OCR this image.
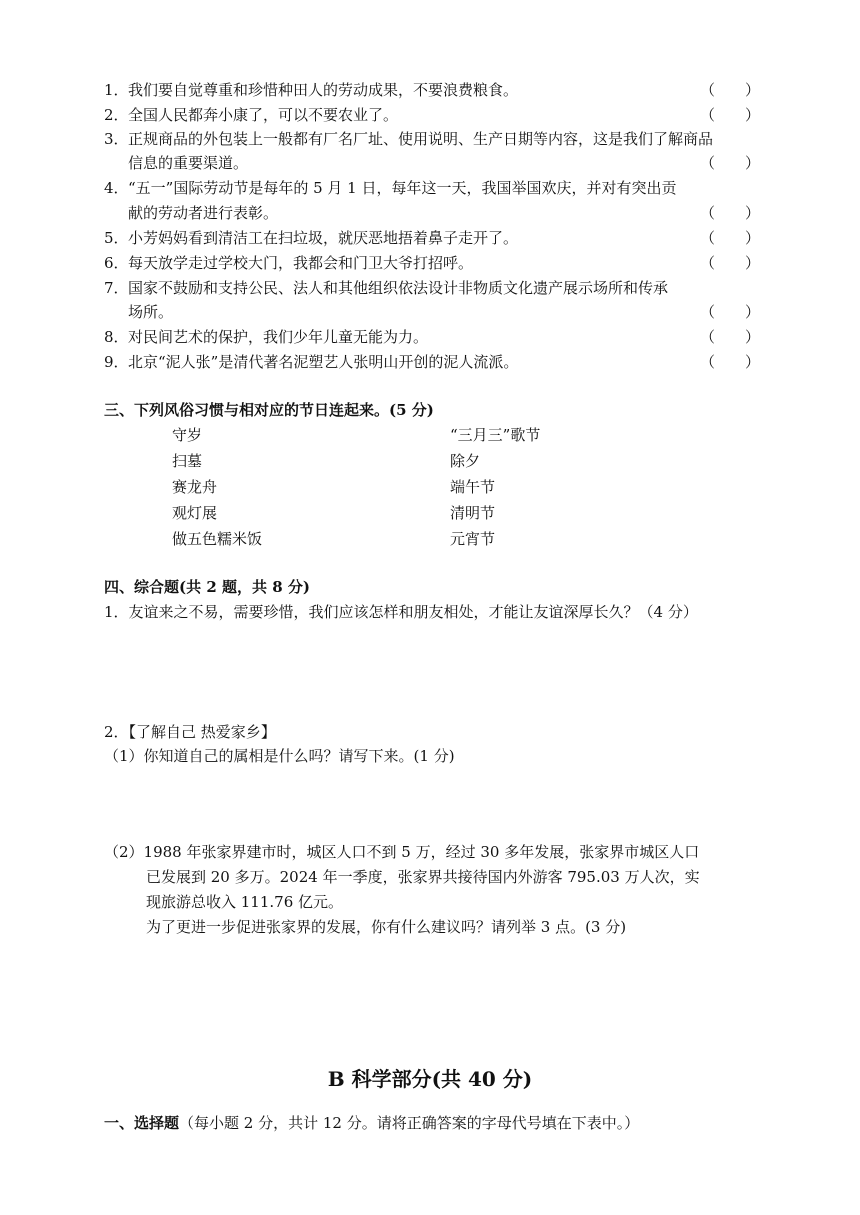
1． 我们要自觉尊重和珍惜种田人的劳动成果，不要浪费粮食。	（　　）
2． 全国人民都奔小康了，可以不要农业了。	（　　）
3． 正规商品的外包装上一般都有厂名厂址、使用说明、生产日期等内容，这是我们了解商品
信息的重要渠道。	（　　）
4． “五一”国际劳动节是每年的 5 月 1 日，每年这一天，我国举国欢庆，并对有突出贡
献的劳动者进行表彰。	（　　）
5． 小芳妈妈看到清洁工在扫垃圾，就厌恶地捂着鼻子走开了。	（　　）
6． 每天放学走过学校大门，我都会和门卫大爷打招呼。	（　　）
7． 国家不鼓励和支持公民、法人和其他组织依法设计非物质文化遗产展示场所和传承
场所。	（　　）
8． 对民间艺术的保护，我们少年儿童无能为力。	（　　）
9． 北京“泥人张”是清代著名泥塑艺人张明山开创的泥人流派。	（　　）
三、下列风俗习惯与相对应的节日连起来。(5 分)
守岁	“三月三”歌节
扫墓	除夕
赛龙舟	端午节
观灯展	清明节
做五色糯米饭	元宵节
四、综合题(共 2 题，共 8 分)
1．友谊来之不易，需要珍惜，我们应该怎样和朋友相处，才能让友谊深厚长久？（4 分）
2．【了解自己 热爱家乡】
（1）你知道自己的属相是什么吗？请写下来。(1 分)
（2）1988 年张家界建市时，城区人口不到 5 万，经过 30 多年发展，张家界市城区人口
已发展到 20 多万。2024 年一季度，张家界共接待国内外游客 795.03 万人次，实
现旅游总收入 111.76 亿元。
为了更进一步促进张家界的发展，你有什么建议吗？请列举 3 点。(3 分)
B 科学部分(共 40 分)
一、选择题（每小题 2 分，共计 12 分。请将正确答案的字母代号填在下表中。）
